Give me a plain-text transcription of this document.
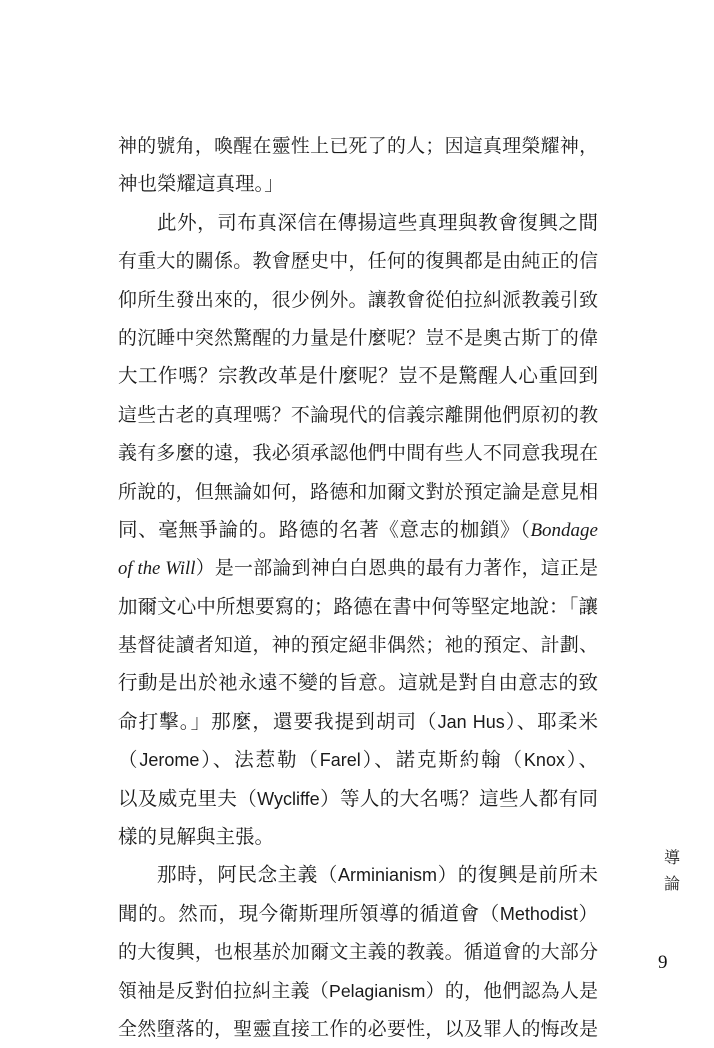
神的號角，喚醒在靈性上已死了的人；因這真理榮耀神，
神也榮耀這真理。」
此外，司布真深信在傳揚這些真理與教會復興之間
有重大的關係。教會歷史中，任何的復興都是由純正的信
仰所生發出來的，很少例外。讓教會從伯拉糾派教義引致
的沉睡中突然驚醒的力量是什麼呢？豈不是奧古斯丁的偉
大工作嗎？宗教改革是什麼呢？豈不是驚醒人心重回到
這些古老的真理嗎？不論現代的信義宗離開他們原初的教
義有多麼的遠，我必須承認他們中間有些人不同意我現在
所說的，但無論如何，路德和加爾文對於預定論是意見相
同、毫無爭論的。路德的名著《意志的枷鎖》（Bondage
of the Will）是一部論到神白白恩典的最有力著作，這正是
加爾文心中所想要寫的；路德在書中何等堅定地說：「讓
基督徒讀者知道，神的預定絕非偶然；祂的預定、計劃、
行動是出於祂永遠不變的旨意。這就是對自由意志的致
命打擊。」那麼，還要我提到胡司（Jan Hus）、耶柔米
（Jerome）、法惹勒（Farel）、諾克斯約翰（Knox）、
以及威克里夫（Wycliffe）等人的大名嗎？這些人都有同
樣的見解與主張。
那時，阿民念主義（Arminianism）的復興是前所未
聞的。然而，現今衛斯理所領導的循道會（Methodist）
的大復興，也根基於加爾文主義的教義。循道會的大部分
領袖是反對伯拉糾主義（Pelagianism）的，他們認為人是
全然墮落的，聖靈直接工作的必要性，以及罪人的悔改是
導
論
9
